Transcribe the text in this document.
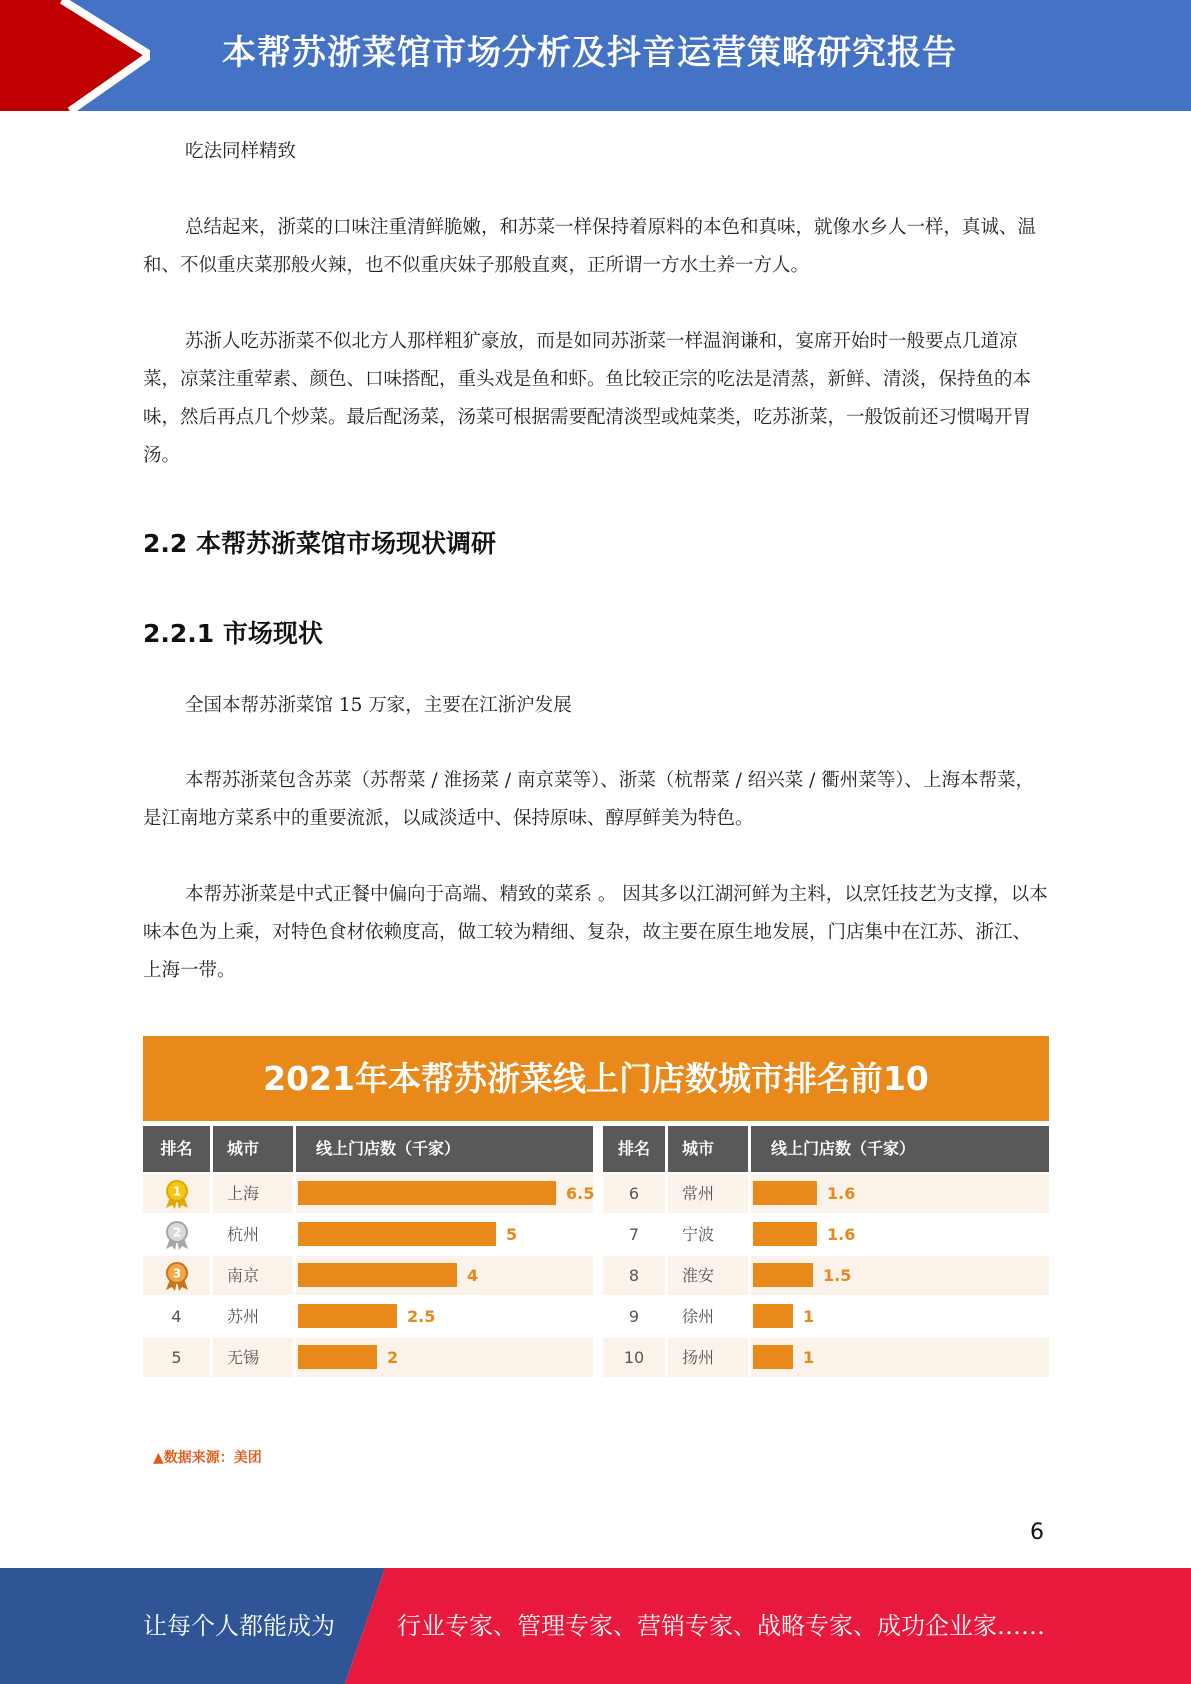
本帮苏浙菜馆市场分析及抖音运营策略研究报告

吃法同样精致

总结起来，浙菜的口味注重清鲜脆嫩，和苏菜一样保持着原料的本色和真味，就像水乡人一样，真诚、温和、不似重庆菜那般火辣，也不似重庆妹子那般直爽，正所谓一方水土养一方人。

苏浙人吃苏浙菜不似北方人那样粗犷豪放，而是如同苏浙菜一样温润谦和，宴席开始时一般要点几道凉菜，凉菜注重荤素、颜色、口味搭配，重头戏是鱼和虾。鱼比较正宗的吃法是清蒸，新鲜、清淡，保持鱼的本味，然后再点几个炒菜。最后配汤菜，汤菜可根据需要配清淡型或炖菜类，吃苏浙菜，一般饭前还习惯喝开胃汤。

2.2 本帮苏浙菜馆市场现状调研
2.2.1 市场现状

全国本帮苏浙菜馆 15 万家，主要在江浙沪发展

本帮苏浙菜包含苏菜（苏帮菜 / 淮扬菜 / 南京菜等）、浙菜（杭帮菜 / 绍兴菜 / 衢州菜等）、上海本帮菜，是江南地方菜系中的重要流派，以咸淡适中、保持原味、醇厚鲜美为特色。

本帮苏浙菜是中式正餐中偏向于高端、精致的菜系 。 因其多以江湖河鲜为主料，以烹饪技艺为支撑，以本味本色为上乘，对特色食材依赖度高，做工较为精细、复杂，故主要在原生地发展，门店集中在江苏、浙江、上海一带。

2021年本帮苏浙菜线上门店数城市排名前10
排名	城市	线上门店数（千家）
1	上海	6.5
2	杭州	5
3	南京	4
4	苏州	2.5
5	无锡	2
排名	城市	线上门店数（千家）
6	常州	1.6
7	宁波	1.6
8	淮安	1.5
9	徐州	1
10	扬州	1
▲数据来源：美团
6
让每个人都能成为	行业专家、管理专家、营销专家、战略专家、成功企业家……
